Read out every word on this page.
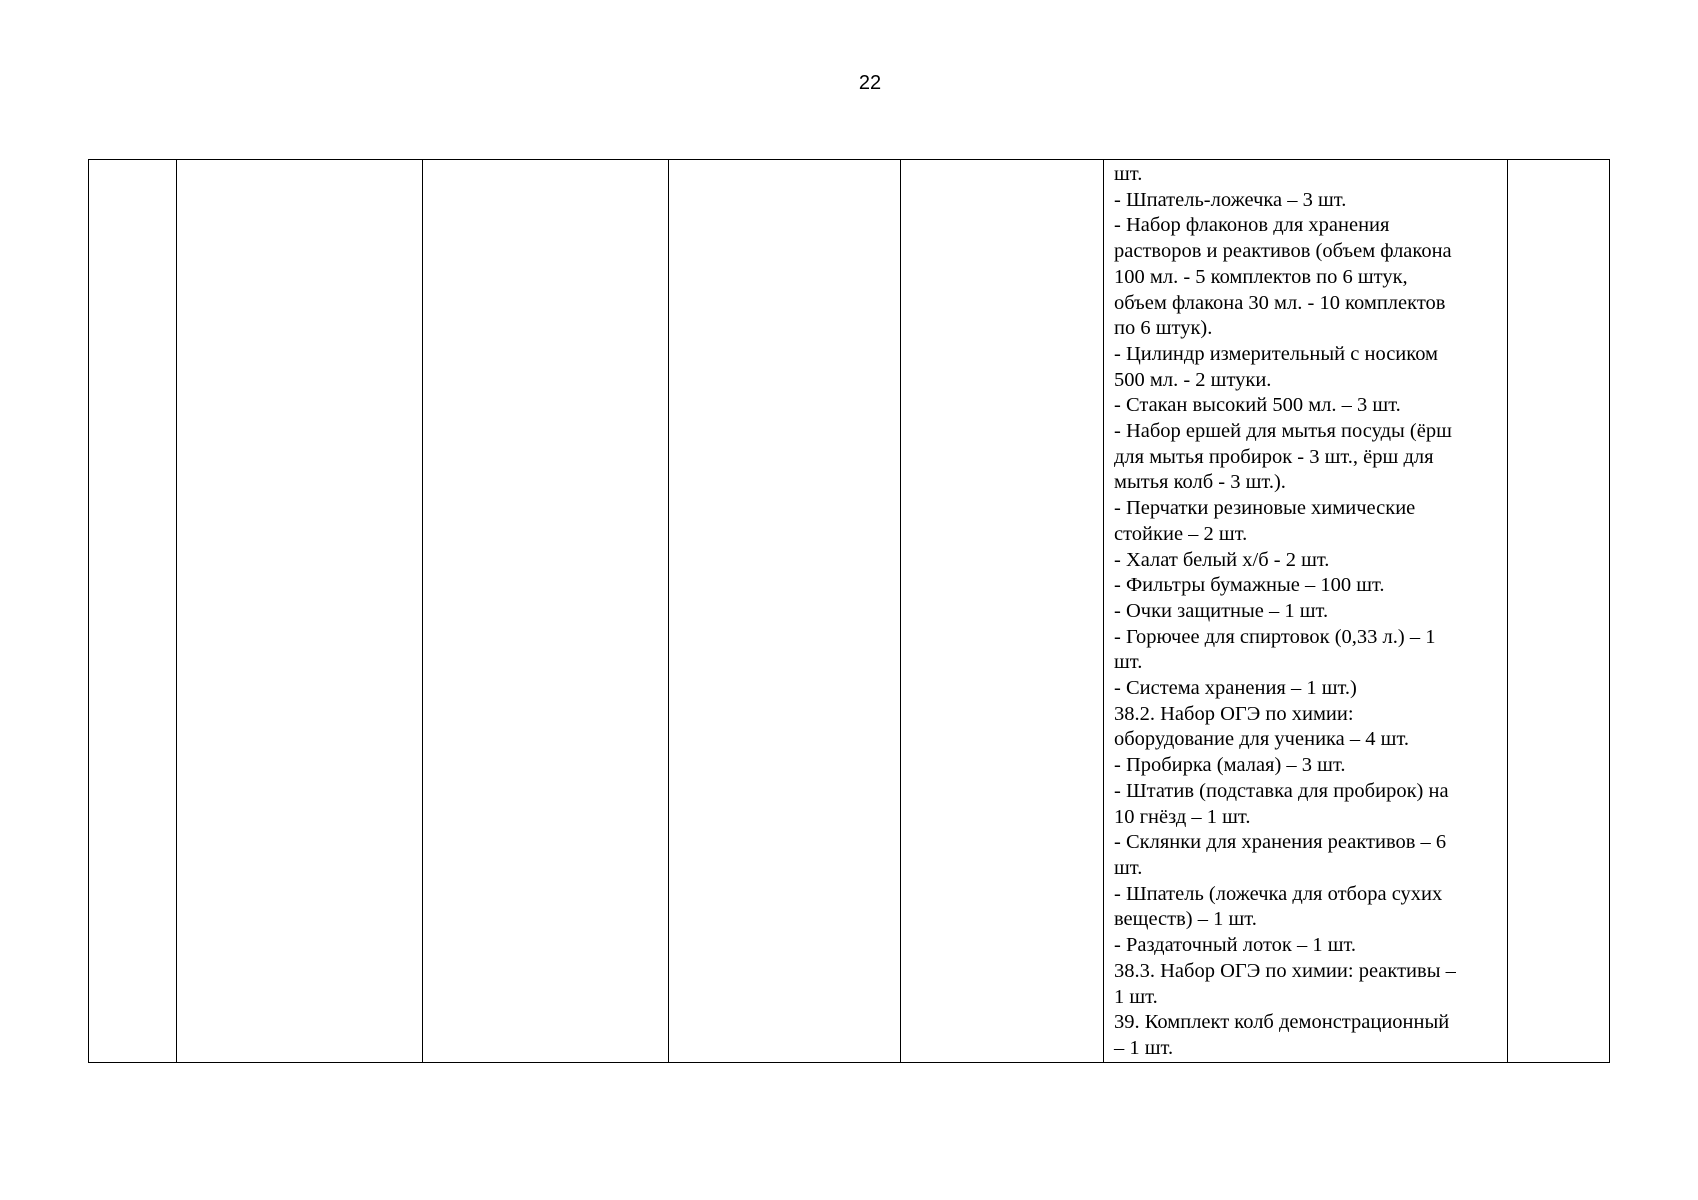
22

шт.
- Шпатель-ложечка – 3 шт.
- Набор флаконов для хранения
растворов и реактивов (объем флакона
100 мл. - 5 комплектов по 6 штук,
объем флакона 30 мл. - 10 комплектов
по 6 штук).
- Цилиндр измерительный с носиком
500 мл. - 2 штуки.
- Стакан высокий 500 мл. – 3 шт.
- Набор ершей для мытья посуды (ёрш
для мытья пробирок - 3 шт., ёрш для
мытья колб - 3 шт.).
- Перчатки резиновые химические
стойкие – 2 шт.
- Халат белый х/б - 2 шт.
- Фильтры бумажные – 100 шт.
- Очки защитные – 1 шт.
- Горючее для спиртовок (0,33 л.) – 1
шт.
- Система хранения – 1 шт.)
38.2. Набор ОГЭ по химии:
оборудование для ученика – 4 шт.
- Пробирка (малая) – 3 шт.
- Штатив (подставка для пробирок) на
10 гнёзд – 1 шт.
- Склянки для хранения реактивов – 6
шт.
- Шпатель (ложечка для отбора сухих
веществ) – 1 шт.
- Раздаточный лоток – 1 шт.
38.3. Набор ОГЭ по химии: реактивы –
1 шт.
39. Комплект колб демонстрационный
– 1 шт.
